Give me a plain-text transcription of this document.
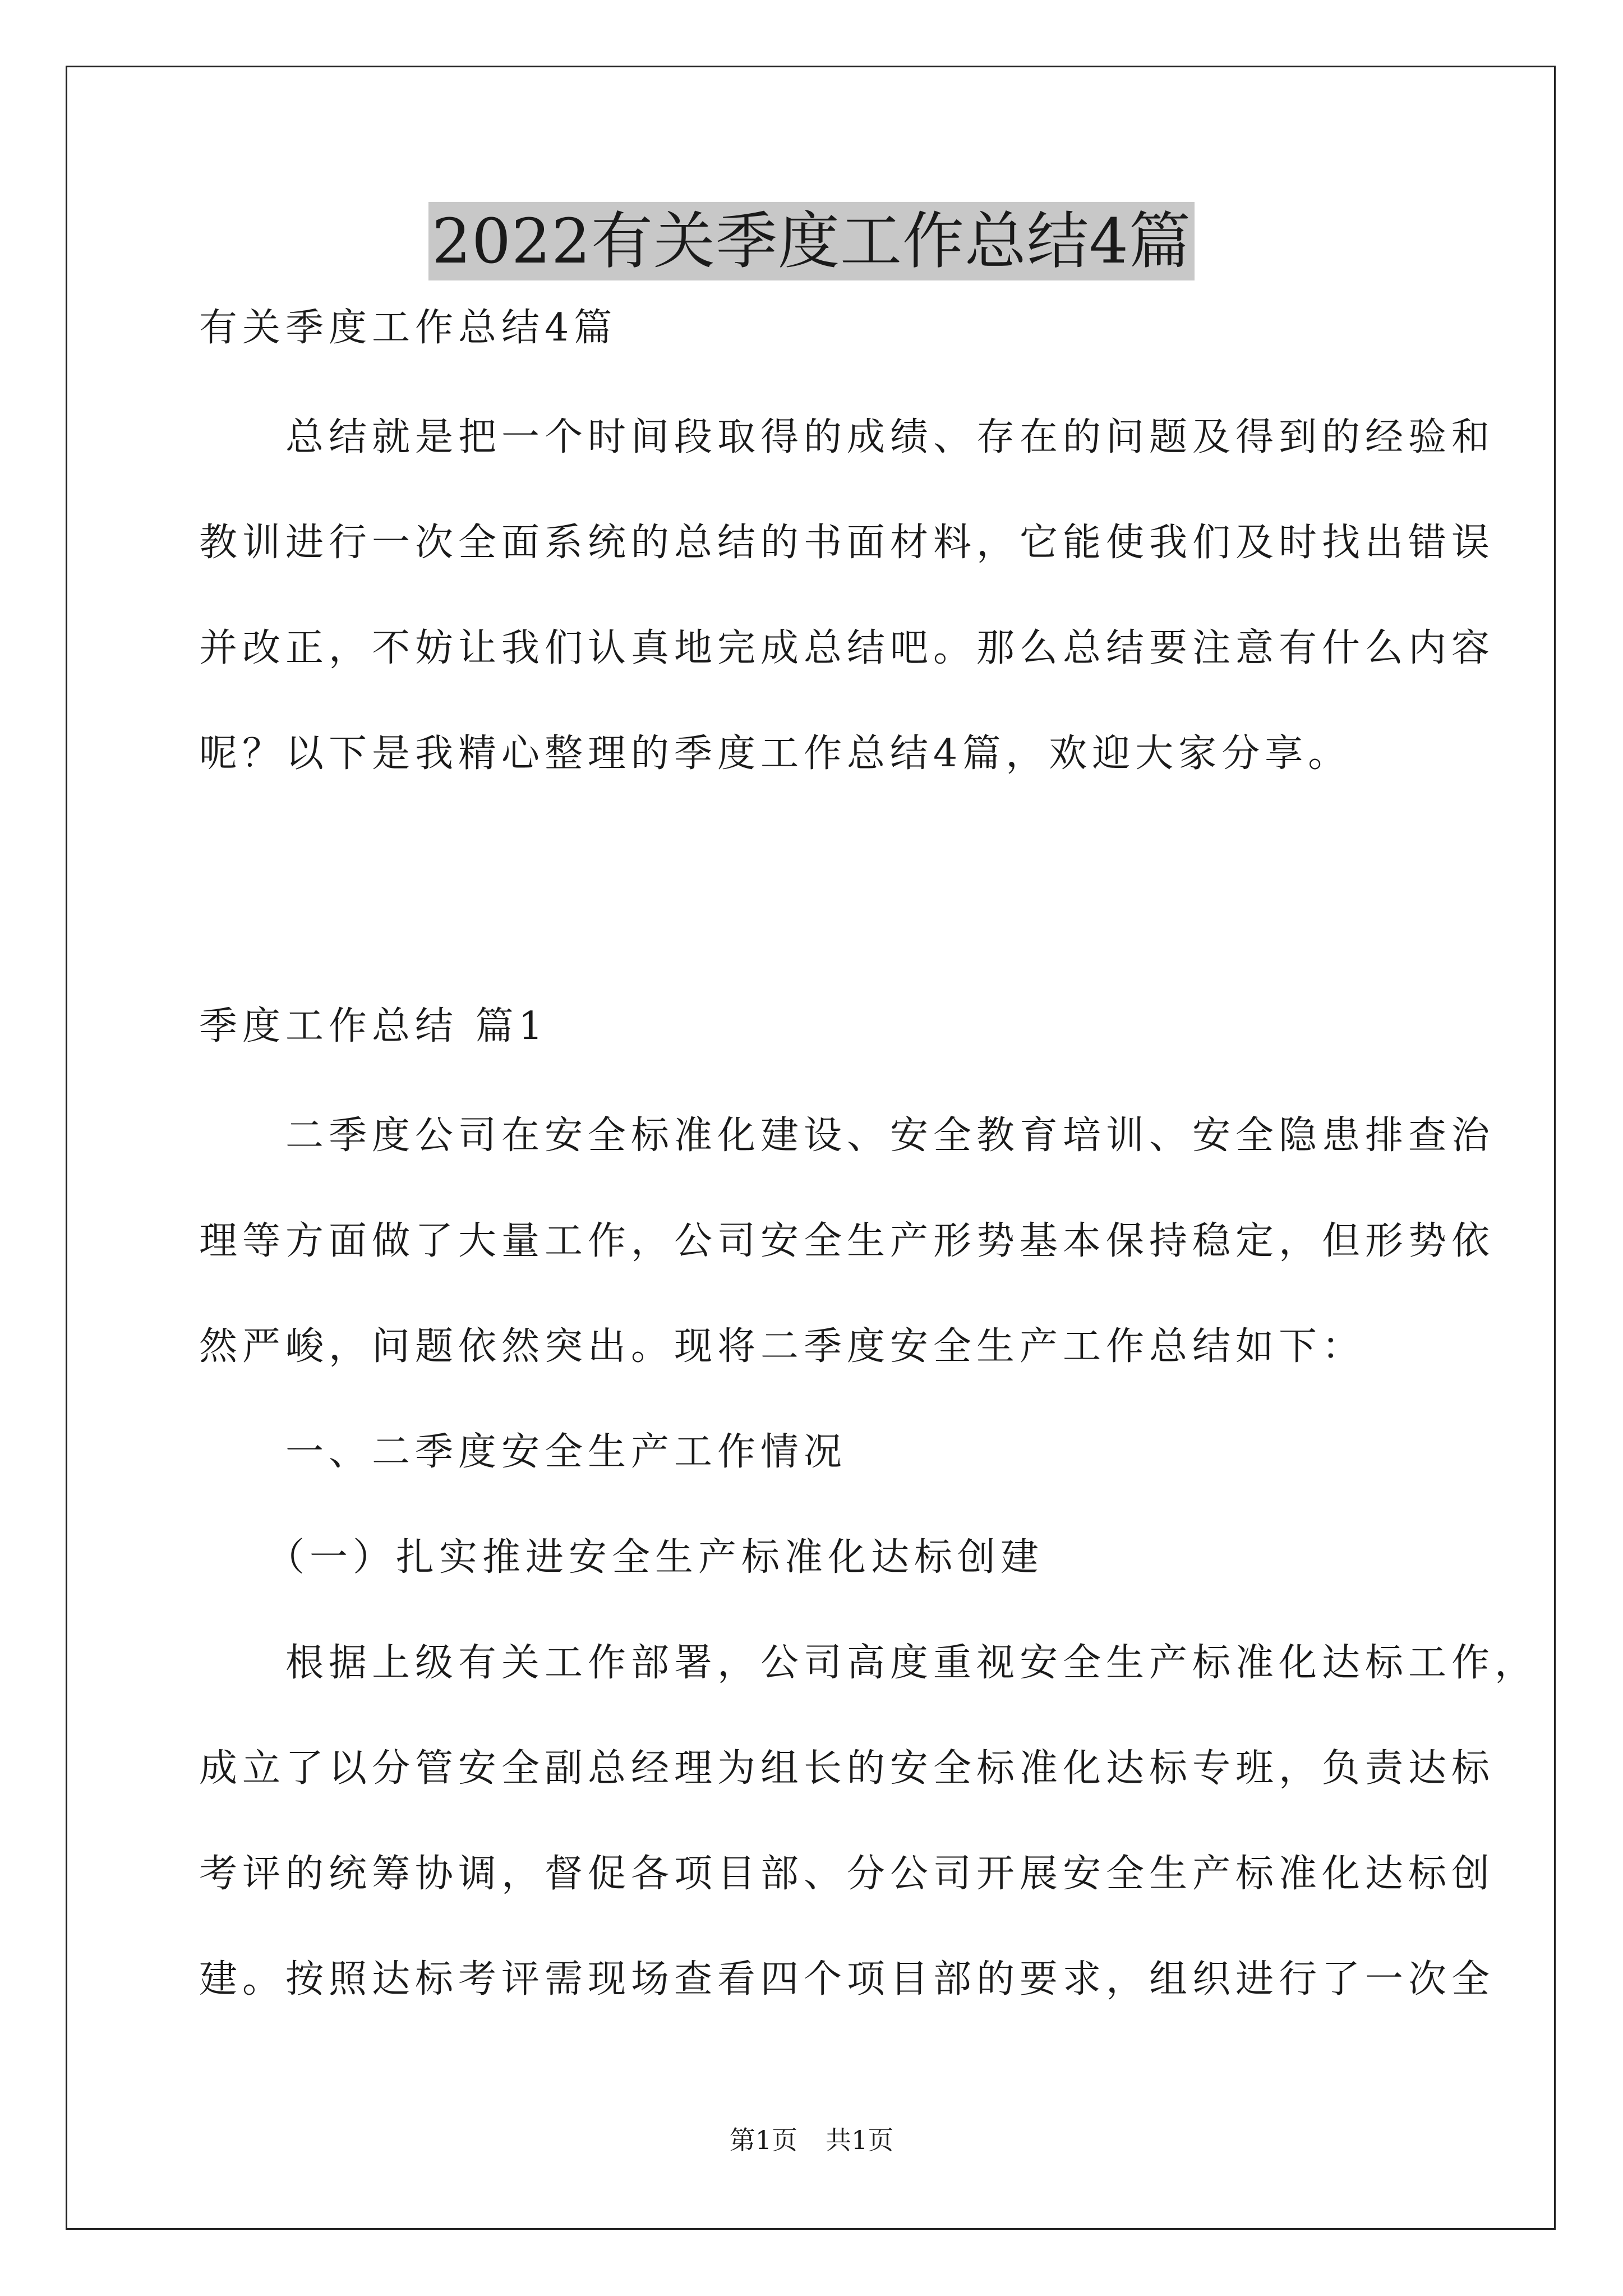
2022有关季度工作总结4篇
有关季度工作总结4篇
　　总结就是把一个时间段取得的成绩、存在的问题及得到的经验和
教训进行一次全面系统的总结的书面材料，它能使我们及时找出错误
并改正，不妨让我们认真地完成总结吧。那么总结要注意有什么内容
呢？以下是我精心整理的季度工作总结4篇，欢迎大家分享。
季度工作总结 篇1
　　二季度公司在安全标准化建设、安全教育培训、安全隐患排查治
理等方面做了大量工作，公司安全生产形势基本保持稳定，但形势依
然严峻，问题依然突出。现将二季度安全生产工作总结如下：
　　一、二季度安全生产工作情况
　　（一）扎实推进安全生产标准化达标创建
　　根据上级有关工作部署，公司高度重视安全生产标准化达标工作，
成立了以分管安全副总经理为组长的安全标准化达标专班，负责达标
考评的统筹协调，督促各项目部、分公司开展安全生产标准化达标创
建。按照达标考评需现场查看四个项目部的要求，组织进行了一次全
第1页 共1页
